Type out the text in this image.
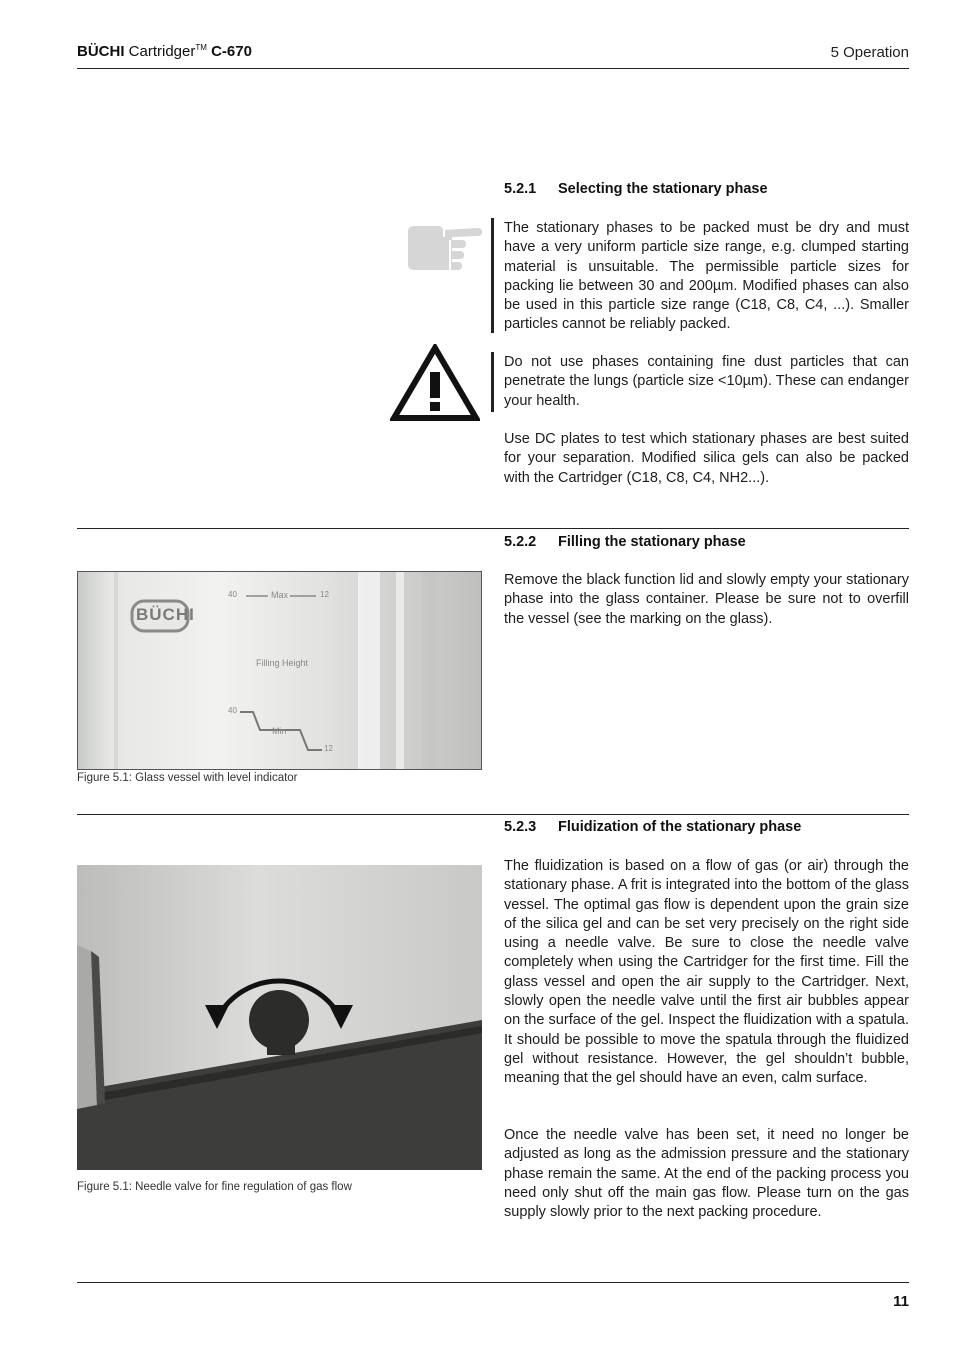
BÜCHI Cartridger™ C-670	5 Operation
5.2.1 Selecting the stationary phase
The stationary phases to be packed must be dry and must have a very uniform particle size range, e.g. clumped starting material is unsuitable. The permissible particle sizes for packing lie between 30 and 200µm. Modified phases can also be used in this particle size range (C18, C8, C4, ...). Smaller particles cannot be reliably packed.
Do not use phases containing fine dust particles that can penetrate the lungs (particle size <10µm). These can endanger your health.
Use DC plates to test which stationary phases are best suited for your separation. Modified silica gels can also be packed with the Cartridger (C18, C8, C4, NH2...).
5.2.2 Filling the stationary phase
Remove the black function lid and slowly empty your stationary phase into the glass container. Please be sure not to overfill the vessel (see the marking on the glass).
BÜCHI
40	Max	12
Filling Height
40
Min
12
Figure 5.1: Glass vessel with level indicator
5.2.3 Fluidization of the stationary phase
The fluidization is based on a flow of gas (or air) through the stationary phase. A frit is integrated into the bottom of the glass vessel. The optimal gas flow is dependent upon the grain size of the silica gel and can be set very precisely on the right side using a needle valve. Be sure to close the needle valve completely when using the Cartridger for the first time. Fill the glass vessel and open the air supply to the Cartridger. Next, slowly open the needle valve until the first air bubbles appear on the surface of the gel. Inspect the fluidization with a spatula. It should be possible to move the spatula through the fluidized gel without resistance. However, the gel shouldn’t bubble, meaning that the gel should have an even, calm surface.
Once the needle valve has been set, it need no longer be adjusted as long as the admission pressure and the stationary phase remain the same. At the end of the packing process you need only shut off the main gas flow. Please turn on the gas supply slowly prior to the next packing procedure.
Figure 5.1: Needle valve for fine regulation of gas flow
11
